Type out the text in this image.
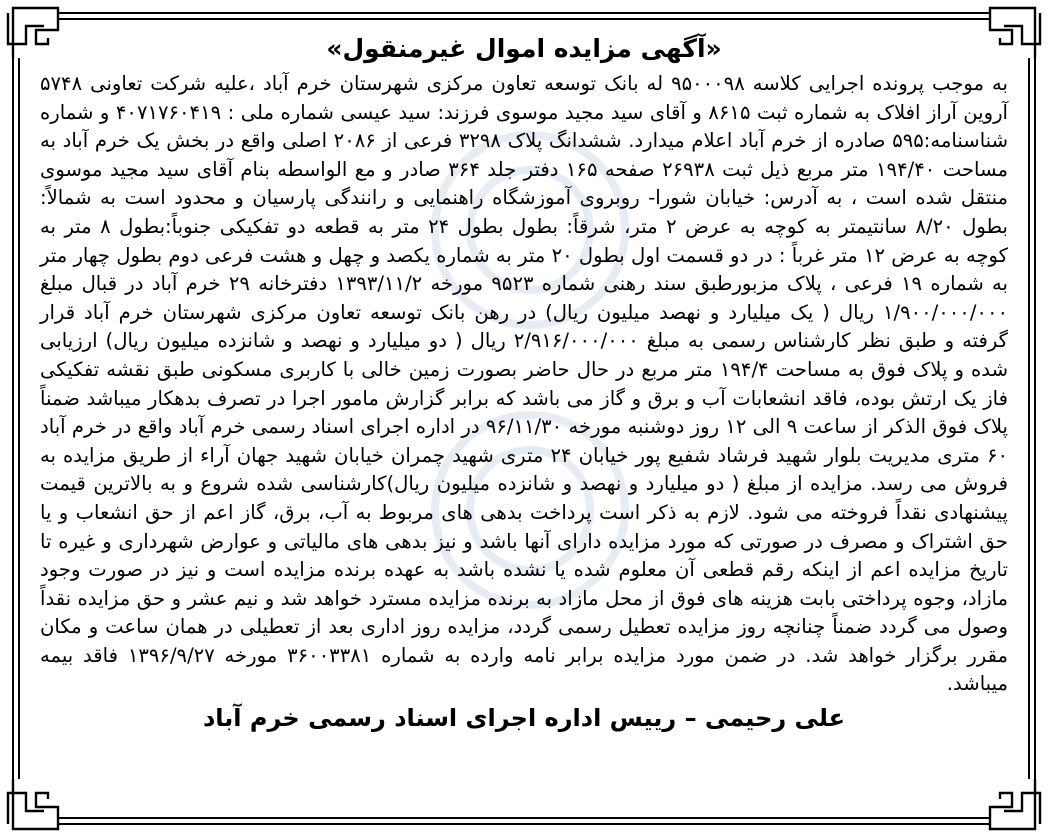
«آگهی مزایده اموال غیرمنقول»

به موجب پرونده اجرایی کلاسه ۹۵۰۰۰۹۸ له بانک توسعه تعاون مرکزی شهرستان خرم آباد ،علیه شرکت تعاونی ۵۷۴۸ آروین آراز افلاک به شماره ثبت ۸۶۱۵ و آقای سید مجید موسوی فرزند: سید عیسی شماره ملی : ۴۰۷۱۷۶۰۴۱۹ و شماره شناسنامه:۵۹۵ صادره از خرم آباد اعلام میدارد. ششدانگ پلاک ۳۲۹۸ فرعی از ۲۰۸۶ اصلی واقع در بخش یک خرم آباد به مساحت ۱۹۴/۴۰ متر مربع ذیل ثبت ۲۶۹۳۸ صفحه ۱۶۵ دفتر جلد ۳۶۴ صادر و مع الواسطه بنام آقای سید مجید موسوی منتقل شده است ، به آدرس: خیابان شورا- روبروی آموزشگاه راهنمایی و رانندگی پارسیان و محدود است به شمالاً: بطول ۸/۲۰ سانتیمتر به کوچه به عرض ۲ متر، شرقاً: بطول بطول ۲۴ متر به قطعه دو تفکیکی جنوباً:بطول ۸ متر به کوچه به عرض ۱۲ متر غرباً : در دو قسمت اول بطول ۲۰ متر به شماره یکصد و چهل و هشت فرعی دوم بطول چهار متر به شماره ۱۹ فرعی ، پلاک مزبورطبق سند رهنی شماره ۹۵۲۳ مورخه ۱۳۹۳/۱۱/۲ دفترخانه ۲۹ خرم آباد در قبال مبلغ ۱/۹۰۰/۰۰۰/۰۰۰ ریال ( یک میلیارد و نهصد میلیون ریال) در رهن بانک توسعه تعاون مرکزی شهرستان خرم آباد قرار گرفته و طبق نظر کارشناس رسمی به مبلغ ۲/۹۱۶/۰۰۰/۰۰۰ ریال ( دو میلیارد و نهصد و شانزده میلیون ریال) ارزیابی شده و پلاک فوق به مساحت ۱۹۴/۴ متر مربع در حال حاضر بصورت زمین خالی با کاربری مسکونی طبق نقشه تفکیکی فاز یک ارتش بوده، فاقد انشعابات آب و برق و گاز می باشد که برابر گزارش مامور اجرا در تصرف بدهکار میباشد ضمناً پلاک فوق الذکر از ساعت ۹ الی ۱۲ روز دوشنبه مورخه ۹۶/۱۱/۳۰ در اداره اجرای اسناد رسمی خرم آباد واقع در خرم آباد ۶۰ متری مدیریت بلوار شهید فرشاد شفیع پور خیابان ۲۴ متری شهید چمران خیابان شهید جهان آراء از طریق مزایده به فروش می رسد. مزایده از مبلغ ( دو میلیارد و نهصد و شانزده میلیون ریال)کارشناسی شده شروع و به بالاترین قیمت پیشنهادی نقداً فروخته می شود. لازم به ذکر است پرداخت بدهی های مربوط به آب، برق، گاز اعم از حق انشعاب و یا حق اشتراک و مصرف در صورتی که مورد مزایده دارای آنها باشد و نیز بدهی های مالیاتی و عوارض شهرداری و غیره تا تاریخ مزایده اعم از اینکه رقم قطعی آن معلوم شده یا نشده باشد به عهده برنده مزایده است و نیز در صورت وجود مازاد، وجوه پرداختی بابت هزینه های فوق از محل مازاد به برنده مزایده مسترد خواهد شد و نیم عشر و حق مزایده نقداً وصول می گردد ضمناً چنانچه روز مزایده تعطیل رسمی گردد، مزایده روز اداری بعد از تعطیلی در همان ساعت و مکان مقرر برگزار خواهد شد. در ضمن مورد مزایده برابر نامه وارده به شماره ۳۶۰۰۳۳۸۱ مورخه ۱۳۹۶/۹/۲۷ فاقد بیمه میباشد.

علی رحیمی – رییس اداره اجرای اسناد رسمی خرم آباد
